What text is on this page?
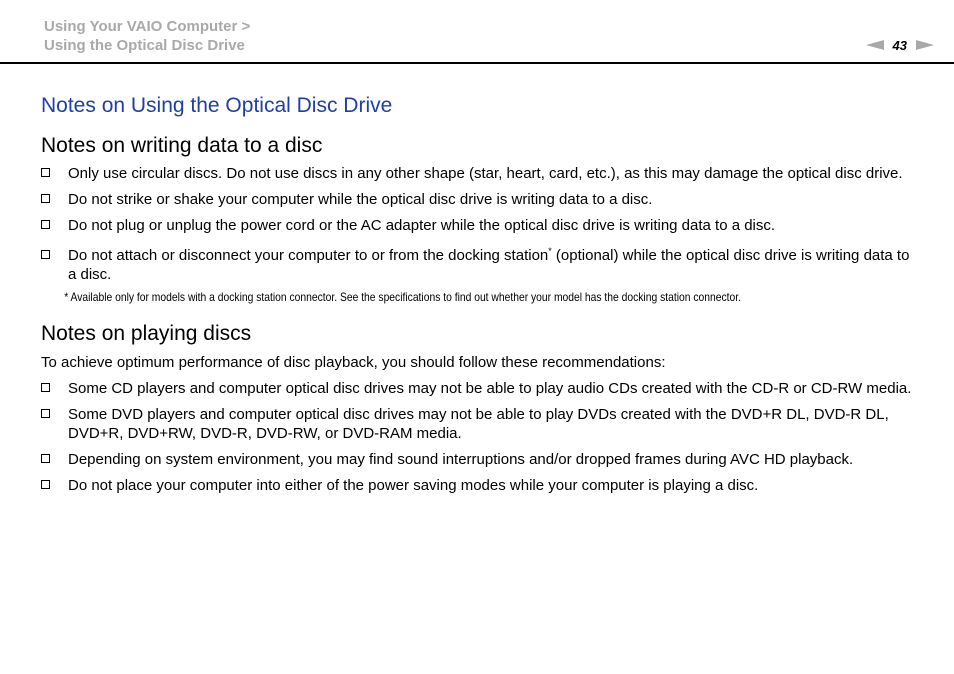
Using Your VAIO Computer >
Using the Optical Disc Drive	43
Notes on Using the Optical Disc Drive
Notes on writing data to a disc
Only use circular discs. Do not use discs in any other shape (star, heart, card, etc.), as this may damage the optical disc drive.
Do not strike or shake your computer while the optical disc drive is writing data to a disc.
Do not plug or unplug the power cord or the AC adapter while the optical disc drive is writing data to a disc.
Do not attach or disconnect your computer to or from the docking station* (optional) while the optical disc drive is writing data to a disc.
* Available only for models with a docking station connector. See the specifications to find out whether your model has the docking station connector.
Notes on playing discs

To achieve optimum performance of disc playback, you should follow these recommendations:

Some CD players and computer optical disc drives may not be able to play audio CDs created with the CD-R or CD-RW media.
Some DVD players and computer optical disc drives may not be able to play DVDs created with the DVD+R DL, DVD-R DL, DVD+R, DVD+RW, DVD-R, DVD-RW, or DVD-RAM media.
Depending on system environment, you may find sound interruptions and/or dropped frames during AVC HD playback.
Do not place your computer into either of the power saving modes while your computer is playing a disc.
